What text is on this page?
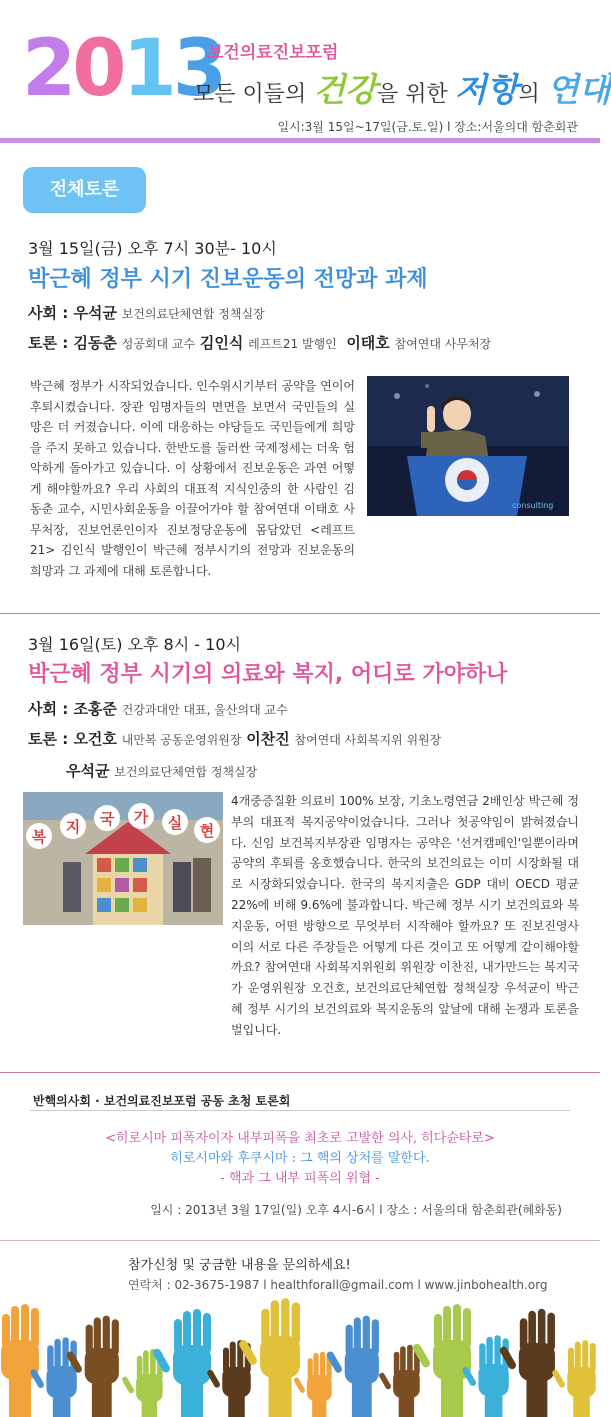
2013
보건의료진보포럼
모든 이들의 건강을 위한 저항의 연대
일시:3월 15일~17일(금.토.일) l 장소:서울의대 함춘회관
전체토론
3월 15일(금) 오후 7시 30분- 10시
박근혜 정부 시기 진보운동의 전망과 과제
사회 : 우석균 보건의료단체연합 정책실장
토론 : 김동춘 성공회대 교수 김인식 레프트21 발행인 이태호 참여연대 사무처장
박근혜 정부가 시작되었습니다. 인수위시기부터 공약을 연이어 후퇴시켰습니다. 장관 임명자들의 면면을 보면서 국민들의 실망은 더 커졌습니다. 이에 대응하는 야당들도 국민들에게 희망을 주지 못하고 있습니다. 한반도를 둘러싼 국제정세는 더욱 험악하게 돌아가고 있습니다. 이 상황에서 진보운동은 과연 어떻게 해야할까요? 우리 사회의 대표적 지식인중의 한 사람인 김동춘 교수, 시민사회운동을 이끌어가야 할 참여연대 이태호 사무처장, 진보언론인이자 진보정당운동에 몸담았던 <레프트21> 김인식 발행인이 박근혜 정부시기의 전망과 진보운동의 희망과 그 과제에 대해 토론합니다.
consulting
3월 16일(토) 오후 8시 - 10시
박근혜 정부 시기의 의료와 복지, 어디로 가야하나
사회 : 조홍준 건강과대안 대표, 울산의대 교수
토론 : 오건호 내만복 공동운영위원장 이찬진 참여연대 사회복지위 위원장
우석균 보건의료단체연합 정책실장
복
지 국 가 실 현
4개중증질환 의료비 100% 보장, 기초노령연금 2배인상 박근혜 정부의 대표적 복지공약이었습니다. 그러나 첫공약임이 밝혀졌습니다. 신임 보건복지부장관 임명자는 공약은 '선거캠페인'일뿐이라며 공약의 후퇴를 옹호했습니다. 한국의 보건의료는 이미 시장화될 대로 시장화되었습니다. 한국의 복지지출은 GDP 대비 OECD 평균 22%에 비해 9.6%에 불과합니다. 박근혜 정부 시기 보건의료와 복지운동, 어떤 방향으로 무엇부터 시작해야 할까요? 또 진보진영사이의 서로 다른 주장들은 어떻게 다른 것이고 또 어떻게 같이해야할까요? 참여연대 사회복지위원회 위원장 이찬진, 내가만드는 복지국가 운영위원장 오건호, 보건의료단체연합 정책실장 우석균이 박근혜 정부 시기의 보건의료와 복지운동의 앞날에 대해 논쟁과 토론을 벌입니다.
반핵의사회 · 보건의료진보포럼 공동 초청 토론회
<히로시마 피폭자이자 내부피폭을 최초로 고발한 의사, 히다슌타로>
히로시마와 후쿠시마 : 그 핵의 상처를 말한다.
- 핵과 그 내부 피폭의 위협 -
일시 : 2013년 3월 17일(일) 오후 4시-6시 l 장소 : 서울의대 함춘회관(혜화동)
참가신청 및 궁금한 내용을 문의하세요!
연락처 : 02-3675-1987 l healthforall@gmail.com l www.jinbohealth.org
